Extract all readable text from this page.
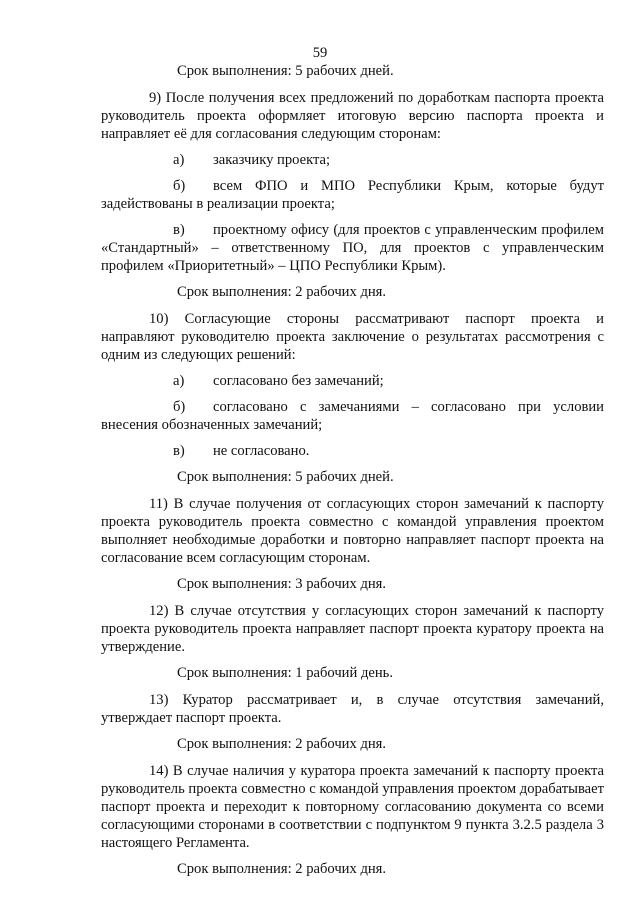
59

Срок выполнения: 5 рабочих дней.

9) После получения всех предложений по доработкам паспорта проекта руководитель проекта оформляет итоговую версию паспорта проекта и направляет её для согласования следующим сторонам:

а) заказчику проекта;

б) всем ФПО и МПО Республики Крым, которые будут задействованы в реализации проекта;

в) проектному офису (для проектов с управленческим профилем «Стандартный» – ответственному ПО, для проектов с управленческим профилем «Приоритетный» – ЦПО Республики Крым).

Срок выполнения: 2 рабочих дня.

10) Согласующие стороны рассматривают паспорт проекта и направляют руководителю проекта заключение о результатах рассмотрения с одним из следующих решений:

а) согласовано без замечаний;

б) согласовано с замечаниями – согласовано при условии внесения обозначенных замечаний;

в) не согласовано.

Срок выполнения: 5 рабочих дней.

11) В случае получения от согласующих сторон замечаний к паспорту проекта руководитель проекта совместно с командой управления проектом выполняет необходимые доработки и повторно направляет паспорт проекта на согласование всем согласующим сторонам.

Срок выполнения: 3 рабочих дня.

12) В случае отсутствия у согласующих сторон замечаний к паспорту проекта руководитель проекта направляет паспорт проекта куратору проекта на утверждение.

Срок выполнения: 1 рабочий день.

13) Куратор рассматривает и, в случае отсутствия замечаний, утверждает паспорт проекта.

Срок выполнения: 2 рабочих дня.

14) В случае наличия у куратора проекта замечаний к паспорту проекта руководитель проекта совместно с командой управления проектом дорабатывает паспорт проекта и переходит к повторному согласованию документа со всеми согласующими сторонами в соответствии с подпунктом 9 пункта 3.2.5 раздела 3 настоящего Регламента.

Срок выполнения: 2 рабочих дня.
